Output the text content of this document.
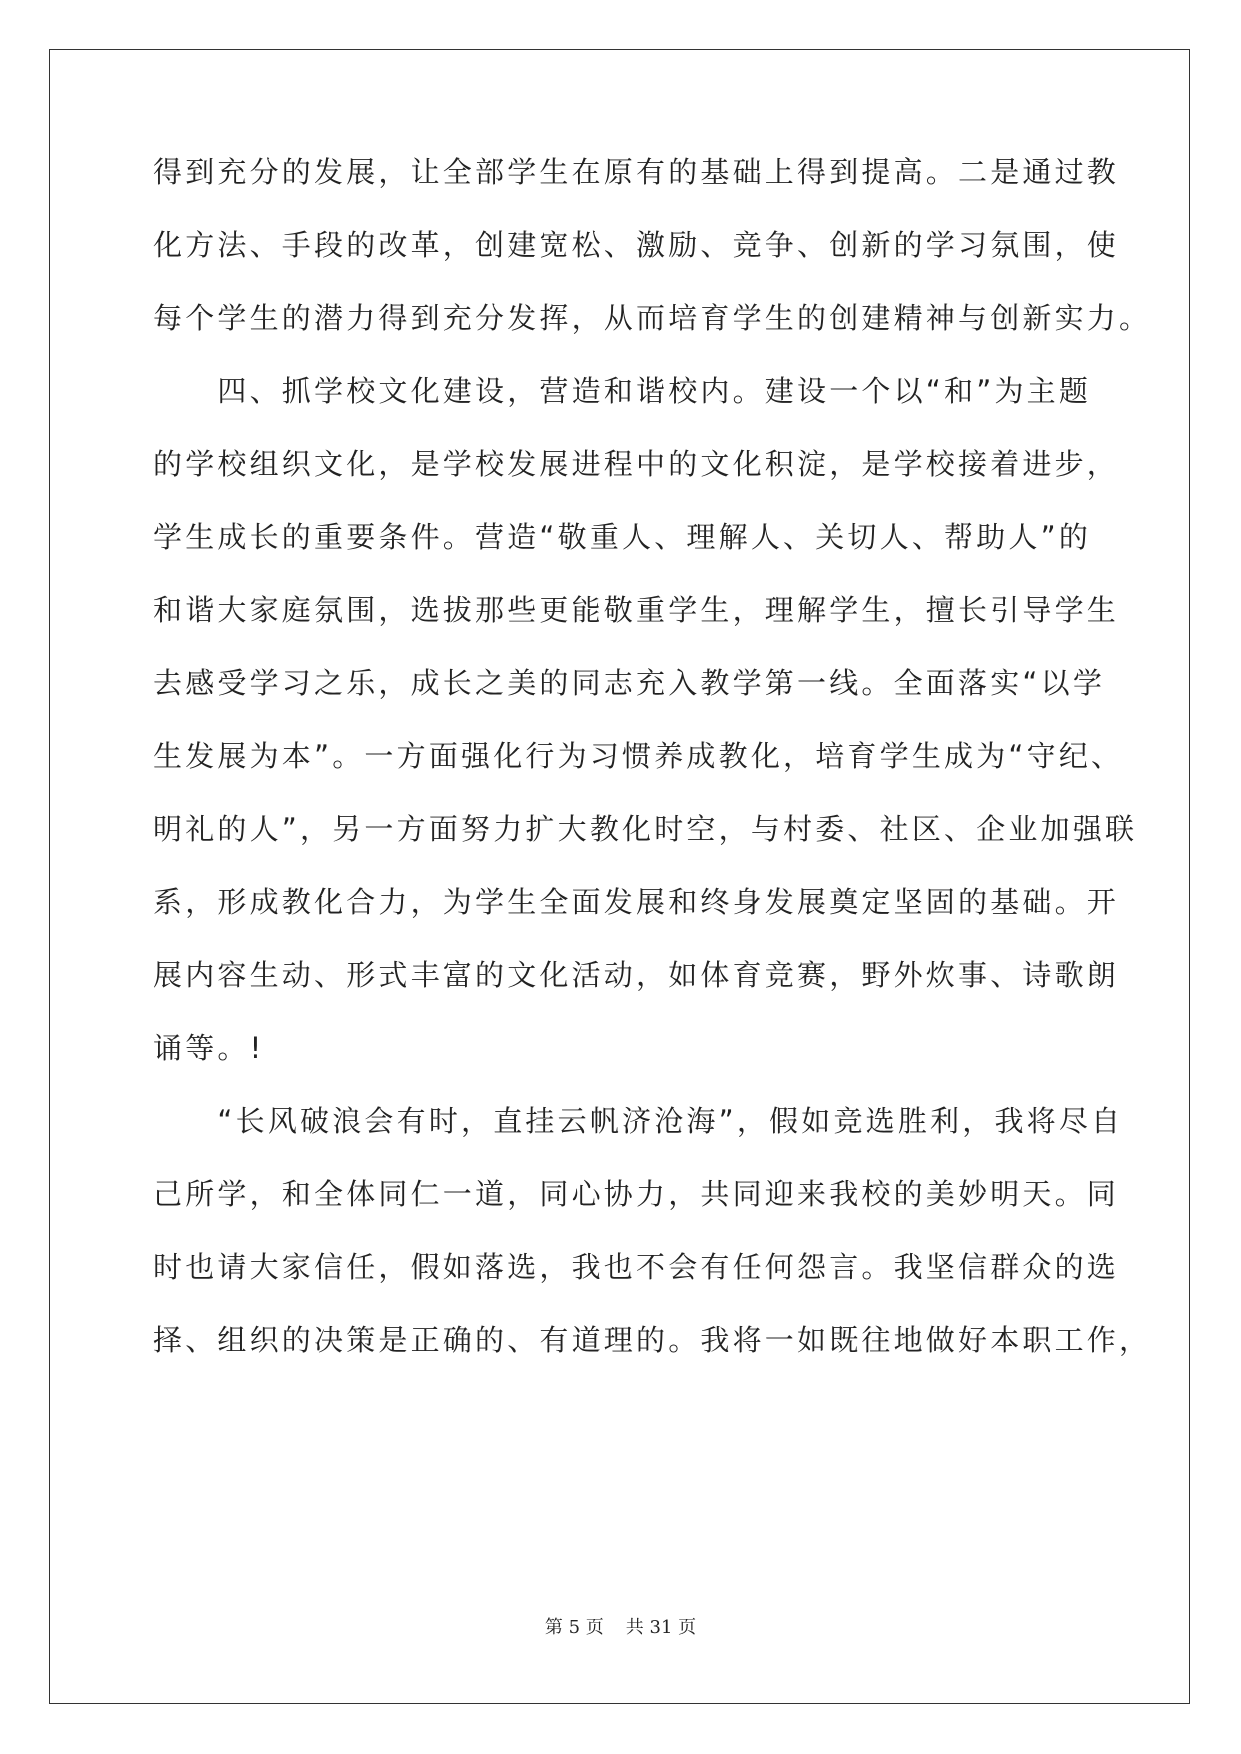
得到充分的发展，让全部学生在原有的基础上得到提高。二是通过教
化方法、手段的改革，创建宽松、激励、竞争、创新的学习氛围，使
每个学生的潜力得到充分发挥，从而培育学生的创建精神与创新实力。
　　四、抓学校文化建设，营造和谐校内。建设一个以“和”为主题
的学校组织文化，是学校发展进程中的文化积淀，是学校接着进步，
学生成长的重要条件。营造“敬重人、理解人、关切人、帮助人”的
和谐大家庭氛围，选拔那些更能敬重学生，理解学生，擅长引导学生
去感受学习之乐，成长之美的同志充入教学第一线。全面落实“以学
生发展为本”。一方面强化行为习惯养成教化，培育学生成为“守纪、
明礼的人”，另一方面努力扩大教化时空，与村委、社区、企业加强联
系，形成教化合力，为学生全面发展和终身发展奠定坚固的基础。开
展内容生动、形式丰富的文化活动，如体育竞赛，野外炊事、诗歌朗
诵等。!
　　“长风破浪会有时，直挂云帆济沧海”，假如竞选胜利，我将尽自
己所学，和全体同仁一道，同心协力，共同迎来我校的美妙明天。同
时也请大家信任，假如落选，我也不会有任何怨言。我坚信群众的选
择、组织的决策是正确的、有道理的。我将一如既往地做好本职工作，
第 5 页 共 31 页
